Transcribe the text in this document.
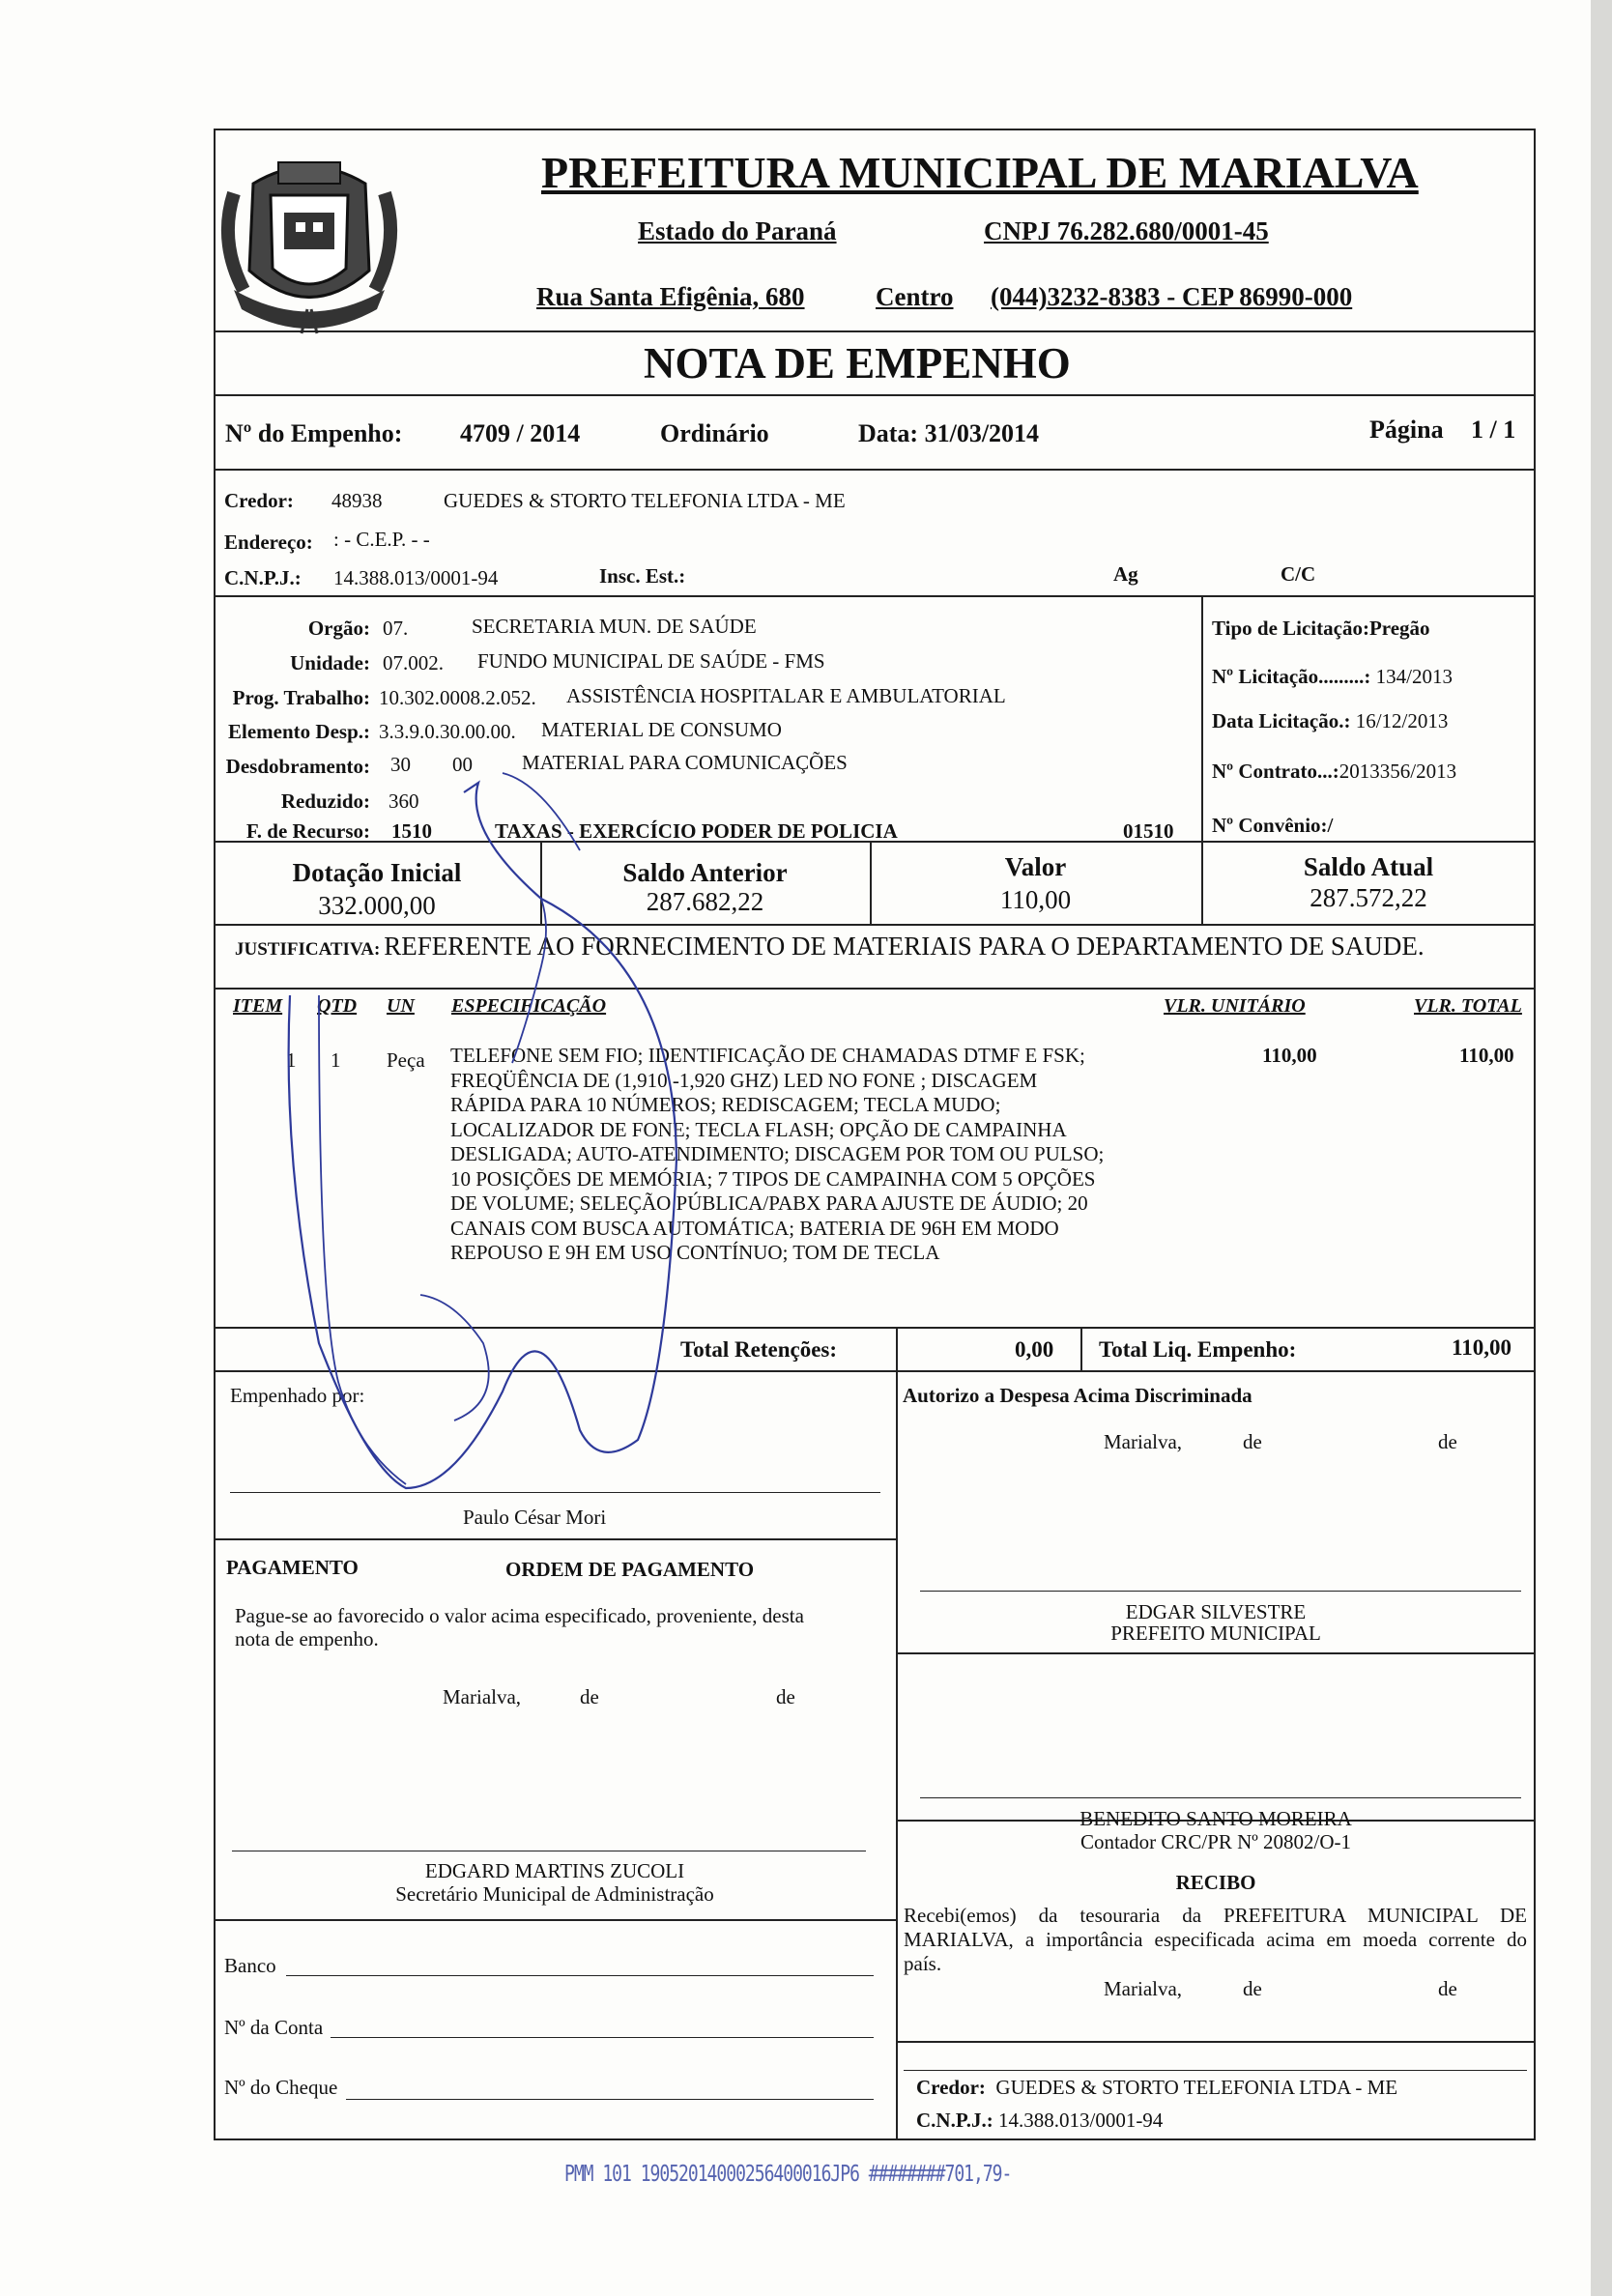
PREFEITURA MUNICIPAL DE MARIALVA
Estado do Paraná	CNPJ 76.282.680/0001-45
Rua Santa Efigênia, 680	Centro (044)3232-8383 - CEP 86990-000
NOTA DE EMPENHO
Nº do Empenho: 4709 / 2014	Ordinário	Data: 31/03/2014	Página 1 / 1
Credor: 48938	GUEDES & STORTO TELEFONIA LTDA - ME
Endereço: : - C.E.P. - -
C.N.P.J.: 14.388.013/0001-94	Insc. Est.:	Ag	C/C
Orgão: 07.	SECRETARIA MUN. DE SAÚDE
Unidade: 07.002. FUNDO MUNICIPAL DE SAÚDE - FMS
Prog. Trabalho: 10.302.0008.2.052. ASSISTÊNCIA HOSPITALAR E AMBULATORIAL
Elemento Desp.: 3.3.9.0.30.00.00. MATERIAL DE CONSUMO
Desdobramento: 30 00 MATERIAL PARA COMUNICAÇÕES
Reduzido: 360
F. de Recurso: 1510	TAXAS - EXERCÍCIO PODER DE POLICIA	01510
Tipo de Licitação:Pregão
Nº Licitação.........: 134/2013
Data Licitação.: 16/12/2013
Nº Contrato...:2013356/2013
Nº Convênio:/
Dotação Inicial
332.000,00
Saldo Anterior
287.682,22
Valor
110,00
Saldo Atual
287.572,22
JUSTIFICATIVA: REFERENTE AO FORNECIMENTO DE MATERIAIS PARA O DEPARTAMENTO DE SAUDE.
ITEM QTD UN ESPECIFICAÇÃO	VLR. UNITÁRIO	VLR. TOTAL
1 1 Peça TELEFONE SEM FIO; IDENTIFICAÇÃO DE CHAMADAS DTMF E FSK;
FREQÜÊNCIA DE (1,910 -1,920 GHZ) LED NO FONE ; DISCAGEM
RÁPIDA PARA 10 NÚMEROS; REDISCAGEM; TECLA MUDO;
LOCALIZADOR DE FONE; TECLA FLASH; OPÇÃO DE CAMPAINHA
DESLIGADA; AUTO-ATENDIMENTO; DISCAGEM POR TOM OU PULSO;
10 POSIÇÕES DE MEMÓRIA; 7 TIPOS DE CAMPAINHA COM 5 OPÇÕES
DE VOLUME; SELEÇÃO PÚBLICA/PABX PARA AJUSTE DE ÁUDIO; 20
CANAIS COM BUSCA AUTOMÁTICA; BATERIA DE 96H EM MODO
REPOUSO E 9H EM USO CONTÍNUO; TOM DE TECLA
110,00	110,00
Total Retenções:	0,00 Total Liq. Empenho:	110,00
Empenhado por:
Paulo César Mori
Autorizo a Despesa Acima Discriminada
Marialva,	de	de
EDGAR SILVESTRE
PREFEITO MUNICIPAL
PAGAMENTO	ORDEM DE PAGAMENTO
Pague-se ao favorecido o valor acima especificado, proveniente, desta
nota de empenho.
Marialva,	de	de
BENEDITO SANTO MOREIRA
Contador CRC/PR Nº 20802/O-1
EDGARD MARTINS ZUCOLI
Secretário Municipal de Administração	RECIBO
Recebi(emos) da tesouraria da PREFEITURA MUNICIPAL DE
MARIALVA, a importância especificada acima em moeda corrente do
país.
Marialva,	de	de
Banco
Nº da Conta
Nº do Cheque	Credor: GUEDES & STORTO TELEFONIA LTDA - ME
C.N.P.J.: 14.388.013/0001-94
PMM 101 19052014000256400016JP6 ########701,79-
